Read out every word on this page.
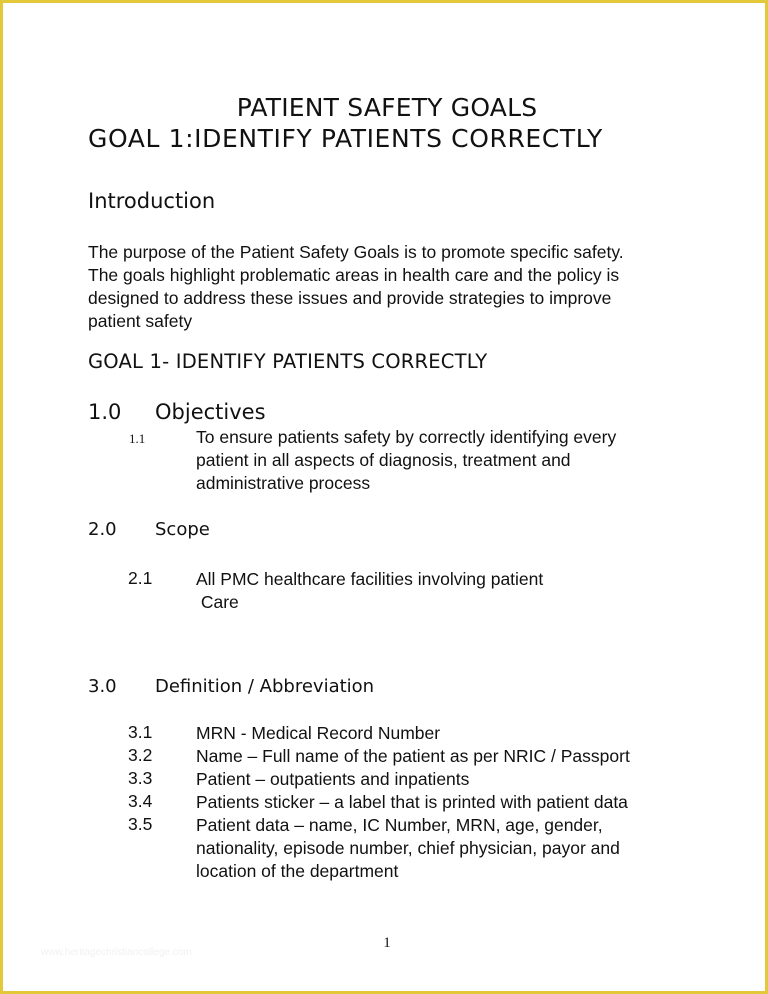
PATIENT SAFETY GOALS
GOAL 1:IDENTIFY PATIENTS CORRECTLY
Introduction
The purpose of the Patient Safety Goals is to promote specific safety.
The goals highlight problematic areas in health care and the policy is
designed to address these issues and provide strategies to improve
patient safety
GOAL 1- IDENTIFY PATIENTS CORRECTLY
1.0 Objectives
1.1	To ensure patients safety by correctly identifying every
patient in all aspects of diagnosis, treatment and
administrative process
2.0 Scope
2.1 All PMC healthcare facilities involving patient
Care
3.0 Definition / Abbreviation
3.1 MRN - Medical Record Number
3.2 Name – Full name of the patient as per NRIC / Passport
3.3 Patient – outpatients and inpatients
3.4 Patients sticker – a label that is printed with patient data
3.5 Patient data – name, IC Number, MRN, age, gender,
nationality, episode number, chief physician, payor and
location of the department
1
www.heritagechristiancollege.com
